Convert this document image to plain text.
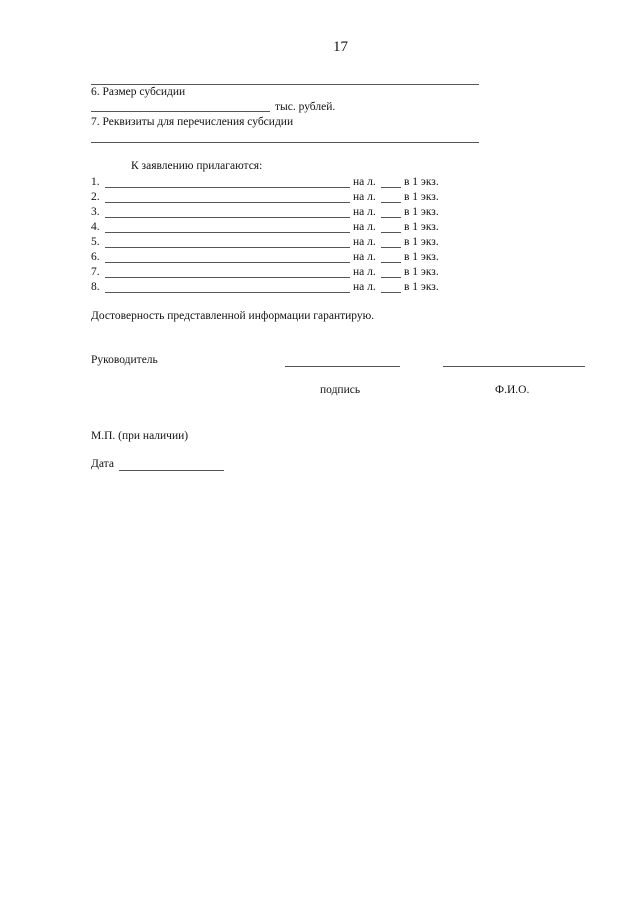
17
6. Размер субсидии
тыс. рублей.
7. Реквизиты для перечисления субсидии
К заявлению прилагаются:
1.	на л. в 1 экз.
2.	на л. в 1 экз.
3.	на л. в 1 экз.
4.	на л. в 1 экз.
5.	на л. в 1 экз.
6.	на л. в 1 экз.
7.	на л. в 1 экз.
8.	на л. в 1 экз.
Достоверность представленной информации гарантирую.
Руководитель
подпись	Ф.И.О.
М.П. (при наличии)
Дата
